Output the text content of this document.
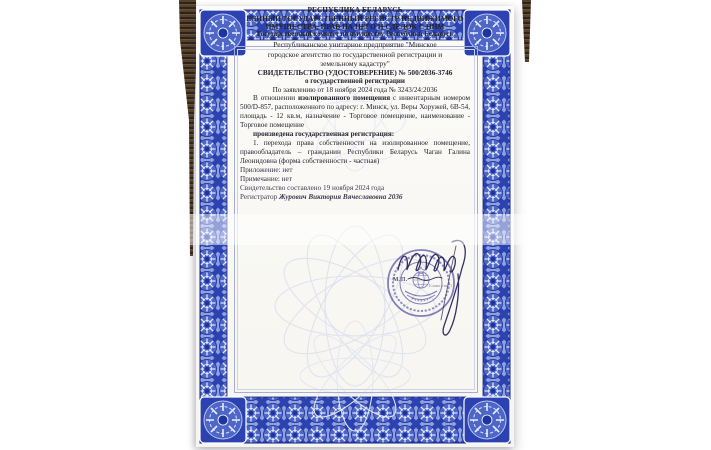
РЕСПУБЛИКА БЕЛАРУСЬ
ЕДИНЫЙ ГОСУДАРСТВЕННЫЙ РЕГИСТР НЕДВИЖИМОГО
ИМУЩЕСТВА, ПРАВ НА НЕГО И СДЕЛОК С НИМ
Государственный комитет по имуществу Республики Беларусь
Республиканское унитарное предприятие "Минское
городское агентство по государственной регистрации и
земельному кадастру"
СВИДЕТЕЛЬСТВО (УДОСТОВЕРЕНИЕ) № 500/2036-3746
о государственной регистрации
По заявлению от 18 ноября 2024 года № 3243/24:2036

В отношении изолированного помещения с инвентарным номером 500/D-857, расположенного по адресу: г. Минск, ул. Веры Хоружей, 6В-54, площадь - 12 кв.м, назначение - Торговое помещение, наименование - Торговое помещение

произведена государственная регистрация:

1. перехода права собственности на изолированное помещение, правообладатель – гражданин Республики Беларусь Чаган Галина Леонидовна (форма собственности - частная)

Приложение: нет
Примечание: нет
Свидетельство составлено 19 ноября 2024 года
Регистратор Журович Виктория Вячеславовна 2036
М.П.
Бланк тип 1
